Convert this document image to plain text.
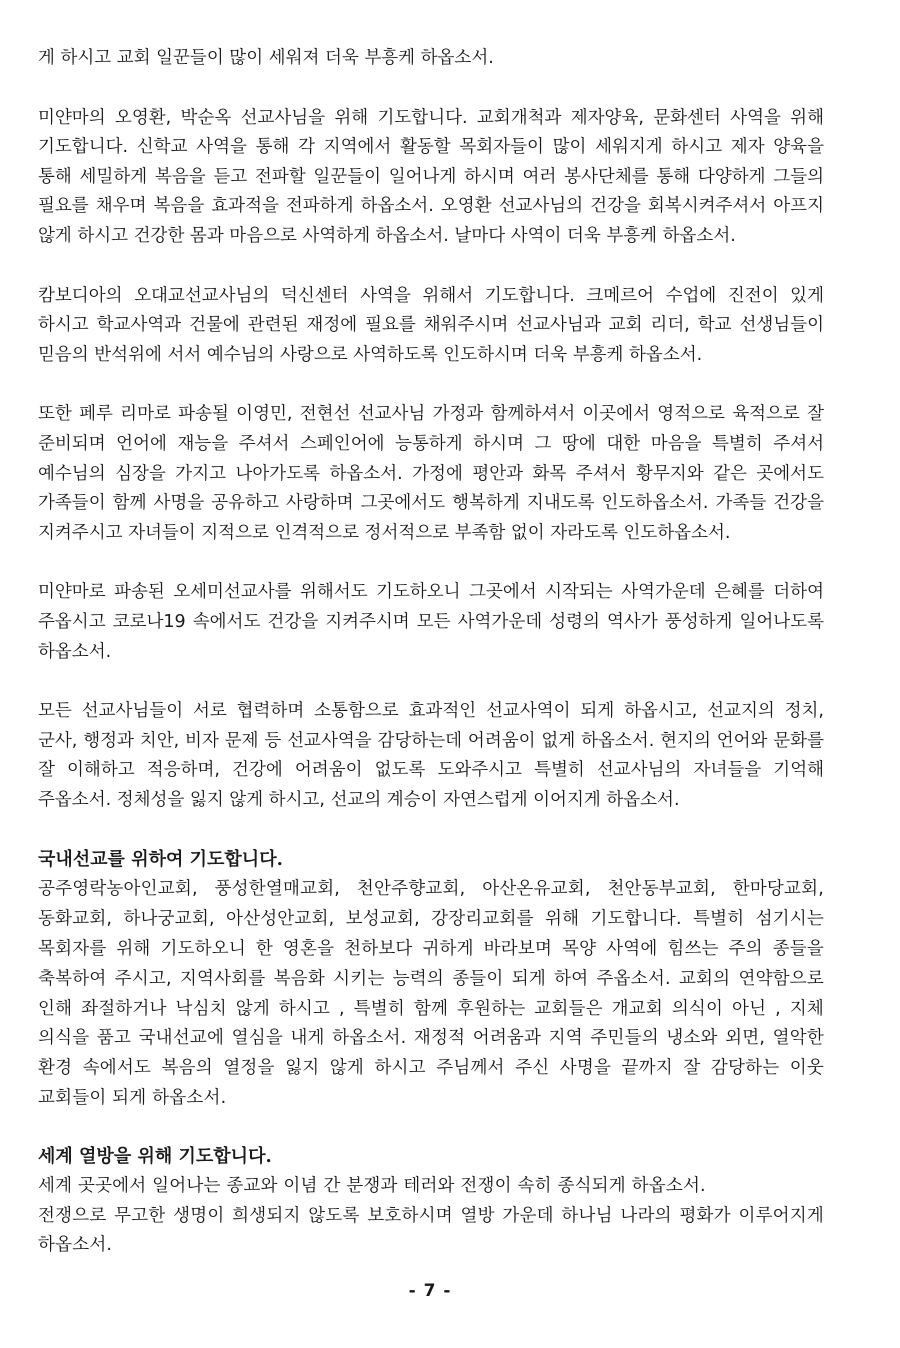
게 하시고 교회 일꾼들이 많이 세워져 더욱 부흥케 하옵소서.

미얀마의 오영환, 박순옥 선교사님을 위해 기도합니다. 교회개척과 제자양육, 문화센터 사역을 위해 기도합니다. 신학교 사역을 통해 각 지역에서 활동할 목회자들이 많이 세워지게 하시고 제자 양육을 통해 세밀하게 복음을 듣고 전파할 일꾼들이 일어나게 하시며 여러 봉사단체를 통해 다양하게 그들의 필요를 채우며 복음을 효과적을 전파하게 하옵소서. 오영환 선교사님의 건강을 회복시켜주셔서 아프지 않게 하시고 건강한 몸과 마음으로 사역하게 하옵소서. 날마다 사역이 더욱 부흥케 하옵소서.

캄보디아의 오대교선교사님의 덕신센터 사역을 위해서 기도합니다. 크메르어 수업에 진전이 있게 하시고 학교사역과 건물에 관련된 재정에 필요를 채워주시며 선교사님과 교회 리더, 학교 선생님들이 믿음의 반석위에 서서 예수님의 사랑으로 사역하도록 인도하시며 더욱 부흥케 하옵소서.

또한 페루 리마로 파송될 이영민, 전현선 선교사님 가정과 함께하셔서 이곳에서 영적으로 육적으로 잘 준비되며 언어에 재능을 주셔서 스페인어에 능통하게 하시며 그 땅에 대한 마음을 특별히 주셔서 예수님의 심장을 가지고 나아가도록 하옵소서. 가정에 평안과 화목 주셔서 황무지와 같은 곳에서도 가족들이 함께 사명을 공유하고 사랑하며 그곳에서도 행복하게 지내도록 인도하옵소서. 가족들 건강을 지켜주시고 자녀들이 지적으로 인격적으로 정서적으로 부족함 없이 자라도록 인도하옵소서.

미얀마로 파송된 오세미선교사를 위해서도 기도하오니 그곳에서 시작되는 사역가운데 은혜를 더하여 주옵시고 코로나19 속에서도 건강을 지켜주시며 모든 사역가운데 성령의 역사가 풍성하게 일어나도록 하옵소서.

모든 선교사님들이 서로 협력하며 소통함으로 효과적인 선교사역이 되게 하옵시고, 선교지의 정치, 군사, 행정과 치안, 비자 문제 등 선교사역을 감당하는데 어려움이 없게 하옵소서. 현지의 언어와 문화를 잘 이해하고 적응하며, 건강에 어려움이 없도록 도와주시고 특별히 선교사님의 자녀들을 기억해 주옵소서. 정체성을 잃지 않게 하시고, 선교의 계승이 자연스럽게 이어지게 하옵소서.

국내선교를 위하여 기도합니다.

공주영락농아인교회, 풍성한열매교회, 천안주향교회, 아산온유교회, 천안동부교회, 한마당교회, 동화교회, 하나궁교회, 아산성안교회, 보성교회, 강장리교회를 위해 기도합니다. 특별히 섬기시는 목회자를 위해 기도하오니 한 영혼을 천하보다 귀하게 바라보며 목양 사역에 힘쓰는 주의 종들을 축복하여 주시고, 지역사회를 복음화 시키는 능력의 종들이 되게 하여 주옵소서. 교회의 연약함으로 인해 좌절하거나 낙심치 않게 하시고 , 특별히 함께 후원하는 교회들은 개교회 의식이 아닌 , 지체 의식을 품고 국내선교에 열심을 내게 하옵소서. 재정적 어려움과 지역 주민들의 냉소와 외면, 열악한 환경 속에서도 복음의 열정을 잃지 않게 하시고 주님께서 주신 사명을 끝까지 잘 감당하는 이웃 교회들이 되게 하옵소서.

세계 열방을 위해 기도합니다.

세계 곳곳에서 일어나는 종교와 이념 간 분쟁과 테러와 전쟁이 속히 종식되게 하옵소서.

전쟁으로 무고한 생명이 희생되지 않도록 보호하시며 열방 가운데 하나님 나라의 평화가 이루어지게 하옵소서.

- 7 -
